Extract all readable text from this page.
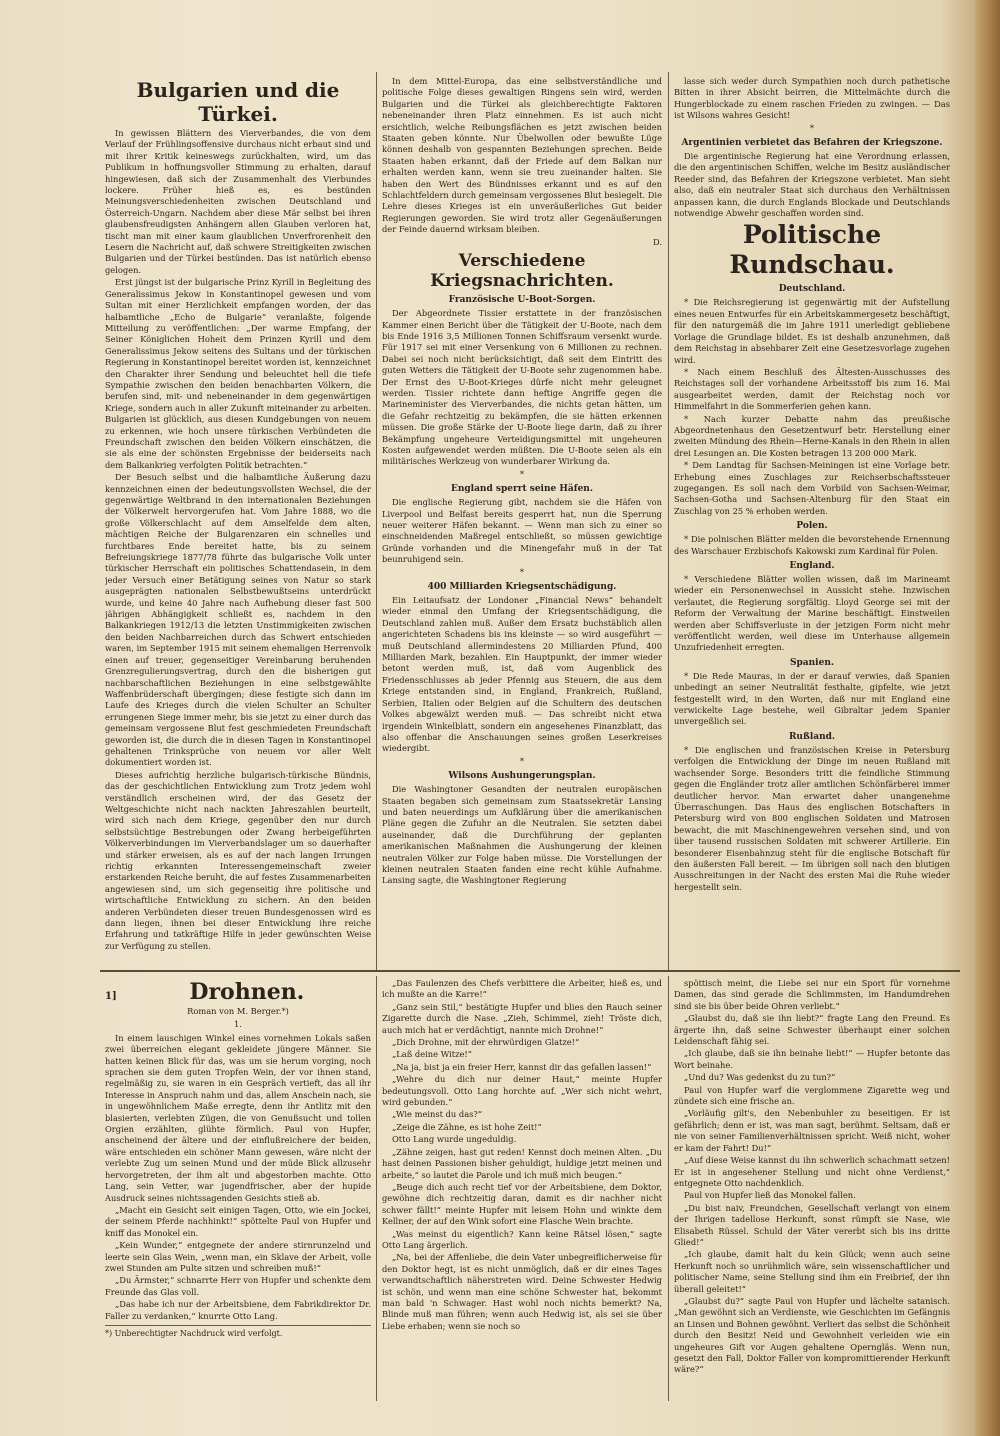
Bulgarien und die Türkei.

In gewissen Blättern des Vierverbandes, die von dem Verlauf der Frühlingsoffensive durchaus nicht erbaut sind und mit ihrer Kritik keineswegs zurückhalten, wird, um das Publikum in hoffnungsvoller Stimmung zu erhalten, darauf hingewiesen, daß sich der Zusammenhalt des Vierbundes lockere. Früher hieß es, es bestünden Meinungsverschiedenheiten zwischen Deutschland und Österreich-Ungarn. Nachdem aber diese Mär selbst bei ihren glaubensfreudigsten Anhängern allen Glauben verloren hat, tischt man mit einer kaum glaublichen Unverfrorenheit den Lesern die Nachricht auf, daß schwere Streitigkeiten zwischen Bulgarien und der Türkei bestünden. Das ist natürlich ebenso gelogen.

Erst jüngst ist der bulgarische Prinz Kyrill in Begleitung des Generalissimus Jekow in Konstantinopel gewesen und vom Sultan mit einer Herzlichkeit empfangen worden, der das halbamtliche „Echo de Bulgarie“ veranlaßte, folgende Mitteilung zu veröffentlichen: „Der warme Empfang, der Seiner Königlichen Hoheit dem Prinzen Kyrill und dem Generalissimus Jekow seitens des Sultans und der türkischen Regierung in Konstantinopel bereitet worden ist, kennzeichnet den Charakter ihrer Sendung und beleuchtet hell die tiefe Sympathie zwischen den beiden benachbarten Völkern, die berufen sind, mit- und nebeneinander in dem gegenwärtigen Kriege, sondern auch in aller Zukunft miteinander zu arbeiten. Bulgarien ist glücklich, aus diesen Kundgebungen von neuem zu erkennen, wie hoch unsere türkischen Verbündeten die Freundschaft zwischen den beiden Völkern einschätzen, die sie als eine der schönsten Ergebnisse der beiderseits nach dem Balkankrieg verfolgten Politik betrachten.“

Der Besuch selbst und die halbamtliche Äußerung dazu kennzeichnen einen der bedeutungsvollsten Wechsel, die der gegenwärtige Weltbrand in den internationalen Beziehungen der Völkerwelt hervorgerufen hat. Vom Jahre 1888, wo die große Völkerschlacht auf dem Amselfelde dem alten, mächtigen Reiche der Bulgarenzaren ein schnelles und furchtbares Ende bereitet hatte, bis zu seinem Befreiungskriege 1877/78 führte das bulgarische Volk unter türkischer Herrschaft ein politisches Schattendasein, in dem jeder Versuch einer Betätigung seines von Natur so stark ausgeprägten nationalen Selbstbewußtseins unterdrückt wurde, und keine 40 Jahre nach Aufhebung dieser fast 500 jährigen Abhängigkeit schließt es, nachdem in den Balkankriegen 1912/13 die letzten Unstimmigkeiten zwischen den beiden Nachbarreichen durch das Schwert entschieden waren, im September 1915 mit seinem ehemaligen Herrenvolk einen auf treuer, gegenseitiger Vereinbarung beruhenden Grenzregulierungsvertrag, durch den die bisherigen gut nachbarschaftlichen Beziehungen in eine selbstgewählte Waffenbrüderschaft übergingen; diese festigte sich dann im Laufe des Krieges durch die vielen Schulter an Schulter errungenen Siege immer mehr, bis sie jetzt zu einer durch das gemeinsam vergossene Blut fest geschmiedeten Freundschaft geworden ist, die durch die in diesen Tagen in Konstantinopel gehaltenen Trinksprüche von neuem vor aller Welt dokumentiert worden ist.

Dieses aufrichtig herzliche bulgarisch-türkische Bündnis, das der geschichtlichen Entwicklung zum Trotz jedem wohl verständlich erscheinen wird, der das Gesetz der Weltgeschichte nicht nach nackten Jahreszahlen beurteilt, wird sich nach dem Kriege, gegenüber den nur durch selbstsüchtige Bestrebungen oder Zwang herbeigeführten Völkerverbindungen im Vierverbandslager um so dauerhafter und stärker erweisen, als es auf der nach langen Irrungen richtig erkannten Interessengemeinschaft zweier erstarkenden Reiche beruht, die auf festes Zusammenarbeiten angewiesen sind, um sich gegenseitig ihre politische und wirtschaftliche Entwicklung zu sichern. An den beiden anderen Verbündeten dieser treuen Bundesgenossen wird es dann liegen, ihnen bei dieser Entwicklung ihre reiche Erfahrung und tatkräftige Hilfe in jeder gewünschten Weise zur Verfügung zu stellen.

In dem Mittel-Europa, das eine selbstverständliche und politische Folge dieses gewaltigen Ringens sein wird, werden Bulgarien und die Türkei als gleichberechtigte Faktoren nebeneinander ihren Platz einnehmen. Es ist auch nicht ersichtlich, welche Reibungsflächen es jetzt zwischen beiden Staaten geben könnte. Nur Übelwollen oder bewußte Lüge können deshalb von gespannten Beziehungen sprechen. Beide Staaten haben erkannt, daß der Friede auf dem Balkan nur erhalten werden kann, wenn sie treu zueinander halten. Sie haben den Wert des Bündnisses erkannt und es auf den Schlachtfeldern durch gemeinsam vergossenes Blut besiegelt. Die Lehre dieses Krieges ist ein unveräußerliches Gut beider Regierungen geworden. Sie wird trotz aller Gegenäußerungen der Feinde dauernd wirksam bleiben.

D.
Verschiedene Kriegsnachrichten.
Französische U-Boot-Sorgen.

Der Abgeordnete Tissier erstattete in der französischen Kammer einen Bericht über die Tätigkeit der U-Boote, nach dem bis Ende 1916 3,5 Millionen Tonnen Schiffsraum versenkt wurde. Für 1917 sei mit einer Versenkung von 6 Millionen zu rechnen. Dabei sei noch nicht berücksichtigt, daß seit dem Eintritt des guten Wetters die Tätigkeit der U-Boote sehr zugenommen habe. Der Ernst des U-Boot-Krieges dürfe nicht mehr geleugnet werden. Tissier richtete dann heftige Angriffe gegen die Marineminister des Vierverbandes, die nichts getan hätten, um die Gefahr rechtzeitig zu bekämpfen, die sie hätten erkennen müssen. Die große Stärke der U-Boote liege darin, daß zu ihrer Bekämpfung ungeheure Verteidigungsmittel mit ungeheuren Kosten aufgewendet werden müßten. Die U-Boote seien als ein militärisches Werkzeug von wunderbarer Wirkung da.

*
England sperrt seine Häfen.

Die englische Regierung gibt, nachdem sie die Häfen von Liverpool und Belfast bereits gesperrt hat, nun die Sperrung neuer weiterer Häfen bekannt. — Wenn man sich zu einer so einschneidenden Maßregel entschließt, so müssen gewichtige Gründe vorhanden und die Minengefahr muß in der Tat beunruhigend sein.

*
400 Milliarden Kriegsentschädigung.

Ein Leitaufsatz der Londoner „Financial News“ behandelt wieder einmal den Umfang der Kriegsentschädigung, die Deutschland zahlen muß. Außer dem Ersatz buchstäblich allen angerichteten Schadens bis ins kleinste — so wird ausgeführt — muß Deutschland allermindestens 20 Milliarden Pfund, 400 Milliarden Mark, bezahlen. Ein Hauptpunkt, der immer wieder betont werden muß, ist, daß vom Augenblick des Friedensschlusses ab jeder Pfennig aus Steuern, die aus dem Kriege entstanden sind, in England, Frankreich, Rußland, Serbien, Italien oder Belgien auf die Schultern des deutschen Volkes abgewälzt werden muß. — Das schreibt nicht etwa irgendein Winkelblatt, sondern ein angesehenes Finanzblatt, das also offenbar die Anschauungen seines großen Leserkreises wiedergibt.

*
Wilsons Aushungerungsplan.

Die Washingtoner Gesandten der neutralen europäischen Staaten begaben sich gemeinsam zum Staatssekretär Lansing und baten neuerdings um Aufklärung über die amerikanischen Pläne gegen die Zufuhr an die Neutralen. Sie setzten dabei auseinander, daß die Durchführung der geplanten amerikanischen Maßnahmen die Aushungerung der kleinen neutralen Völker zur Folge haben müsse. Die Vorstellungen der kleinen neutralen Staaten fanden eine recht kühle Aufnahme. Lansing sagte, die Washingtoner Regierung

lasse sich weder durch Sympathien noch durch pathetische Bitten in ihrer Absicht beirren, die Mittelmächte durch die Hungerblockade zu einem raschen Frieden zu zwingen. — Das ist Wilsons wahres Gesicht!

*
Argentinien verbietet das Befahren der Kriegszone.

Die argentinische Regierung hat eine Verordnung erlassen, die den argentinischen Schiffen, welche im Besitz ausländischer Reeder sind, das Befahren der Kriegszone verbietet. Man sieht also, daß ein neutraler Staat sich durchaus den Verhältnissen anpassen kann, die durch Englands Blockade und Deutschlands notwendige Abwehr geschaffen worden sind.

Politische Rundschau.
Deutschland.

* Die Reichsregierung ist gegenwärtig mit der Aufstellung eines neuen Entwurfes für ein Arbeitskammergesetz beschäftigt, für den naturgemäß die im Jahre 1911 unerledigt gebliebene Vorlage die Grundlage bildet. Es ist deshalb anzunehmen, daß dem Reichstag in absehbarer Zeit eine Gesetzesvorlage zugehen wird.

* Nach einem Beschluß des Ältesten-Ausschusses des Reichstages soll der vorhandene Arbeitsstoff bis zum 16. Mai ausgearbeitet werden, damit der Reichstag noch vor Himmelfahrt in die Sommerferien gehen kann.

* Nach kurzer Debatte nahm das preußische Abgeordnetenhaus den Gesetzentwurf betr. Herstellung einer zweiten Mündung des Rhein—Herne-Kanals in den Rhein in allen drei Lesungen an. Die Kosten betragen 13 200 000 Mark.

* Dem Landtag für Sachsen-Meiningen ist eine Vorlage betr. Erhebung eines Zuschlages zur Reichserbschaftssteuer zugegangen. Es soll nach dem Vorbild von Sachsen-Weimar, Sachsen-Gotha und Sachsen-Altenburg für den Staat ein Zuschlag von 25 % erhoben werden.

Polen.

* Die polnischen Blätter melden die bevorstehende Ernennung des Warschauer Erzbischofs Kakowski zum Kardinal für Polen.

England.

* Verschiedene Blätter wollen wissen, daß im Marineamt wieder ein Personenwechsel in Aussicht stehe. Inzwischen verlautet, die Regierung sorgfältig. Lloyd George sei mit der Reform der Verwaltung der Marine beschäftigt. Einstweilen werden aber Schiffsverluste in der jetzigen Form nicht mehr veröffentlicht werden, weil diese im Unterhause allgemein Unzufriedenheit erregten.

Spanien.

* Die Rede Mauras, in der er darauf verwies, daß Spanien unbedingt an seiner Neutralität festhalte, gipfelte, wie jetzt festgestellt wird, in den Worten, daß nur mit England eine verwickelte Lage bestehe, weil Gibraltar jedem Spanier unvergeßlich sei.

Rußland.

* Die englischen und französischen Kreise in Petersburg verfolgen die Entwicklung der Dinge im neuen Rußland mit wachsender Sorge. Besonders tritt die feindliche Stimmung gegen die Engländer trotz aller amtlichen Schönfärberei immer deutlicher hervor. Man erwartet daher unangenehme Überraschungen. Das Haus des englischen Botschafters in Petersburg wird von 800 englischen Soldaten und Matrosen bewacht, die mit Maschinengewehren versehen sind, und von über tausend russischen Soldaten mit schwerer Artillerie. Ein besonderer Eisenbahnzug steht für die englische Botschaft für den äußersten Fall bereit. — Im übrigen soll nach den blutigen Ausschreitungen in der Nacht des ersten Mai die Ruhe wieder hergestellt sein.

1]	Drohnen.
Roman von M. Berger.*)
1.

In einem lauschigen Winkel eines vornehmen Lokals saßen zwei überreichen elegant gekleidete jüngere Männer. Sie hatten keinen Blick für das, was um sie herum vorging, noch sprachen sie dem guten Tropfen Wein, der vor ihnen stand, regelmäßig zu, sie waren in ein Gespräch vertieft, das all ihr Interesse in Anspruch nahm und das, allem Anschein nach, sie in ungewöhnlichem Maße erregte, denn ihr Antlitz mit den blasierten, verlebten Zügen, die von Genußsucht und tollen Orgien erzählten, glühte förmlich. Paul von Hupfer, anscheinend der ältere und der einflußreichere der beiden, wäre entschieden ein schöner Mann gewesen, wäre nicht der verlebte Zug um seinen Mund und der müde Blick allzusehr hervorgetreten, der ihm alt und abgestorben machte. Otto Lang, sein Vetter, war jugendfrischer, aber der hupide Ausdruck seines nichtssagenden Gesichts stieß ab.

„Macht ein Gesicht seit einigen Tagen, Otto, wie ein Jockei, der seinem Pferde nachhinkt!“ spöttelte Paul von Hupfer und kniff das Monokel ein.

„Kein Wunder,“ entgegnete der andere stirnrunzelnd und leerte sein Glas Wein, „wenn man, ein Sklave der Arbeit, volle zwei Stunden am Pulte sitzen und schreiben muß!“

„Du Ärmster,“ schnarrte Herr von Hupfer und schenkte dem Freunde das Glas voll.

„Das habe ich nur der Arbeitsbiene, dem Fabrikdirektor Dr. Faller zu verdanken,“ knurrte Otto Lang.

*) Unberechtigter Nachdruck wird verfolgt.

„Das Faulenzen des Chefs verbittere die Arbeiter, hieß es, und ich mußte an die Karre!“

„Ganz sein Stil,“ bestätigte Hupfer und blies den Rauch seiner Zigarette durch die Nase. „Zieh, Schimmel, zieh! Tröste dich, auch mich hat er verdächtigt, nannte mich Drohne!“

„Dich Drohne, mit der ehrwürdigen Glatze!“

„Laß deine Witze!“

„Na ja, bist ja ein freier Herr, kannst dir das gefallen lassen!“

„Wehre du dich nur deiner Haut,“ meinte Hupfer bedeutungsvoll. Otto Lang horchte auf. „Wer sich nicht wehrt, wird gebunden.“

„Wie meinst du das?“

„Zeige die Zähne, es ist hohe Zeit!“

Otto Lang wurde ungeduldig.

„Zähne zeigen, hast gut reden! Kennst doch meinen Alten. „Du hast deinen Passionen bisher gehuldigt, huldige jetzt meinen und arbeite,“ so lautet die Parole und ich muß mich beugen.“

„Beuge dich auch recht tief vor der Arbeitsbiene, dem Doktor, gewöhne dich rechtzeitig daran, damit es dir nachher nicht schwer fällt!“ meinte Hupfer mit leisem Hohn und winkte dem Kellner, der auf den Wink sofort eine Flasche Wein brachte.

„Was meinst du eigentlich? Kann keine Rätsel lösen,“ sagte Otto Lang ärgerlich.

„Na, bei der Affenliebe, die dein Vater unbegreiflicherweise für den Doktor hegt, ist es nicht unmöglich, daß er dir eines Tages verwandtschaftlich näherstreten wird. Deine Schwester Hedwig ist schön, und wenn man eine schöne Schwester hat, bekommt man bald 'n Schwager. Hast wohl noch nichts bemerkt? Na, Blinde muß man führen; wenn auch Hedwig ist, als sei sie über Liebe erhaben; wenn sie noch so

spöttisch meint, die Liebe sei nur ein Sport für vornehme Damen, das sind gerade die Schlimmsten, im Handumdrehen sind sie bis über beide Ohren verliebt.“

„Glaubst du, daß sie ihn liebt?“ fragte Lang den Freund. Es ärgerte ihn, daß seine Schwester überhaupt einer solchen Leidenschaft fähig sei.

„Ich glaube, daß sie ihn beinahe liebt!“ — Hupfer betonte das Wort beinahe.

„Und du? Was gedenkst du zu tun?“

Paul von Hupfer warf die verglommene Zigarette weg und zündete sich eine frische an.

„Vorläufig gilt's, den Nebenbuhler zu beseitigen. Er ist gefährlich; denn er ist, was man sagt, berühmt. Seltsam, daß er nie von seiner Familienverhältnissen spricht. Weiß nicht, woher er kam der Fahrt! Du!“

„Auf diese Weise kannst du ihn schwerlich schachmatt setzen! Er ist in angesehener Stellung und nicht ohne Verdienst,“ entgegnete Otto nachdenklich.

Paul von Hupfer ließ das Monokel fallen.

„Du bist naiv, Freundchen, Gesellschaft verlangt von einem der Ihrigen tadellose Herkunft, sonst rümpft sie Nase, wie Elisabeth Rüssel. Schuld der Väter vererbt sich bis ins dritte Glied!“

„Ich glaube, damit halt du kein Glück; wenn auch seine Herkunft noch so unrühmlich wäre, sein wissenschaftlicher und politischer Name, seine Stellung sind ihm ein Freibrief, der ihn überall geleitet!“

„Glaubst du?“ sagte Paul von Hupfer und lächelte satanisch. „Man gewöhnt sich an Verdienste, wie Geschichten im Gefängnis an Linsen und Bohnen gewöhnt. Verliert das selbst die Schönheit durch den Besitz! Neid und Gewohnheit verleiden wie ein ungeheures Gift vor Augen gehaltene Operngläs. Wenn nun, gesetzt den Fall, Doktor Faller von kompromittierender Herkunft wäre?“
